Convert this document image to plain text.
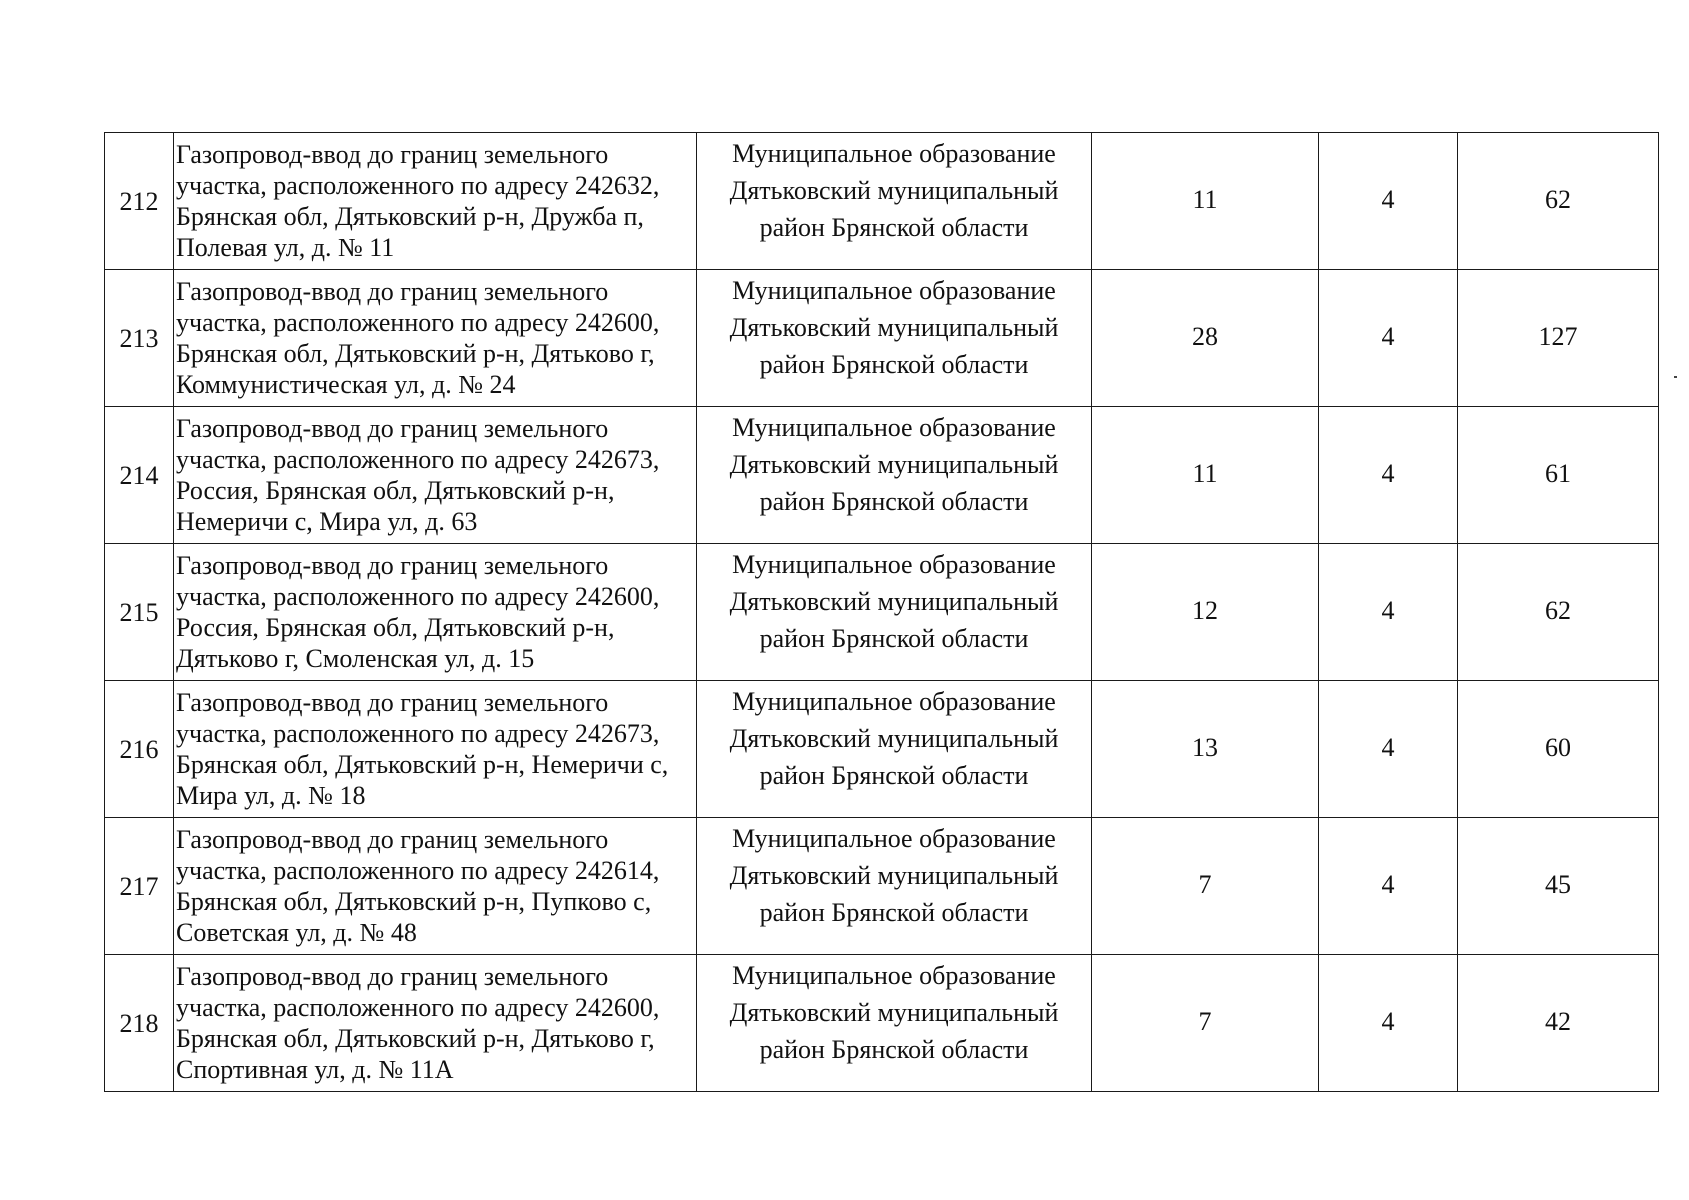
212	Газопровод-ввод до границ земельного участка, расположенного по адресу 242632, Брянская обл, Дятьковский р-н, Дружба п, Полевая ул, д. № 11	Муниципальное образование
Дятьковский муниципальный
район Брянской области	11	4	62
213	Газопровод-ввод до границ земельного участка, расположенного по адресу 242600, Брянская обл, Дятьковский р-н, Дятьково г, Коммунистическая ул, д. № 24	Муниципальное образование
Дятьковский муниципальный
район Брянской области	28	4	127
214	Газопровод-ввод до границ земельного участка, расположенного по адресу 242673, Россия, Брянская обл, Дятьковский р-н, Немеричи с, Мира ул, д. 63	Муниципальное образование
Дятьковский муниципальный
район Брянской области	11	4	61
215	Газопровод-ввод до границ земельного участка, расположенного по адресу 242600, Россия, Брянская обл, Дятьковский р-н, Дятьково г, Смоленская ул, д. 15	Муниципальное образование
Дятьковский муниципальный
район Брянской области	12	4	62
216	Газопровод-ввод до границ земельного участка, расположенного по адресу 242673, Брянская обл, Дятьковский р-н, Немеричи с, Мира ул, д. № 18	Муниципальное образование
Дятьковский муниципальный
район Брянской области	13	4	60
217	Газопровод-ввод до границ земельного участка, расположенного по адресу 242614, Брянская обл, Дятьковский р-н, Пупково с, Советская ул, д. № 48	Муниципальное образование
Дятьковский муниципальный
район Брянской области	7	4	45
218	Газопровод-ввод до границ земельного участка, расположенного по адресу 242600, Брянская обл, Дятьковский р-н, Дятьково г, Спортивная ул, д. № 11А	Муниципальное образование
Дятьковский муниципальный
район Брянской области	7	4	42
